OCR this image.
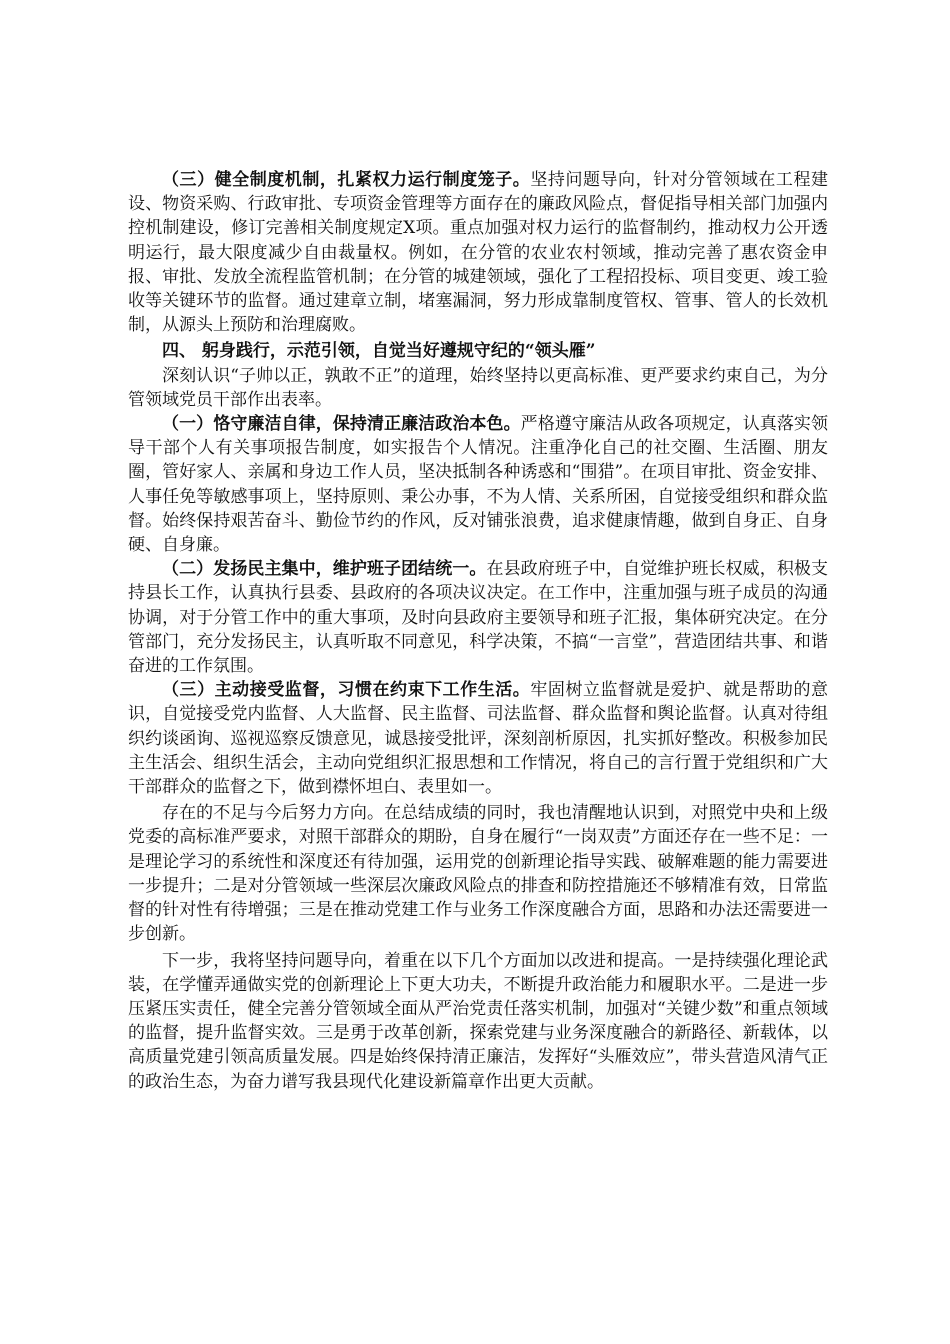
（三）健全制度机制，扎紧权力运行制度笼子。坚持问题导向，针对分管领域在工程建设、物资采购、行政审批、专项资金管理等方面存在的廉政风险点，督促指导相关部门加强内控机制建设，修订完善相关制度规定X项。重点加强对权力运行的监督制约，推动权力公开透明运行，最大限度减少自由裁量权。例如，在分管的农业农村领域，推动完善了惠农资金申报、审批、发放全流程监管机制；在分管的城建领域，强化了工程招投标、项目变更、竣工验收等关键环节的监督。通过建章立制，堵塞漏洞，努力形成靠制度管权、管事、管人的长效机制，从源头上预防和治理腐败。

四、 躬身践行，示范引领，自觉当好遵规守纪的“领头雁”

深刻认识“子帅以正，孰敢不正”的道理，始终坚持以更高标准、更严要求约束自己，为分管领域党员干部作出表率。

（一）恪守廉洁自律，保持清正廉洁政治本色。严格遵守廉洁从政各项规定，认真落实领导干部个人有关事项报告制度，如实报告个人情况。注重净化自己的社交圈、生活圈、朋友圈，管好家人、亲属和身边工作人员，坚决抵制各种诱惑和“围猎”。在项目审批、资金安排、人事任免等敏感事项上，坚持原则、秉公办事，不为人情、关系所困，自觉接受组织和群众监督。始终保持艰苦奋斗、勤俭节约的作风，反对铺张浪费，追求健康情趣，做到自身正、自身硬、自身廉。

（二）发扬民主集中，维护班子团结统一。在县政府班子中，自觉维护班长权威，积极支持县长工作，认真执行县委、县政府的各项决议决定。在工作中，注重加强与班子成员的沟通协调，对于分管工作中的重大事项，及时向县政府主要领导和班子汇报，集体研究决定。在分管部门，充分发扬民主，认真听取不同意见，科学决策，不搞“一言堂”，营造团结共事、和谐奋进的工作氛围。

（三）主动接受监督，习惯在约束下工作生活。牢固树立监督就是爱护、就是帮助的意识，自觉接受党内监督、人大监督、民主监督、司法监督、群众监督和舆论监督。认真对待组织约谈函询、巡视巡察反馈意见，诚恳接受批评，深刻剖析原因，扎实抓好整改。积极参加民主生活会、组织生活会，主动向党组织汇报思想和工作情况，将自己的言行置于党组织和广大干部群众的监督之下，做到襟怀坦白、表里如一。

存在的不足与今后努力方向。在总结成绩的同时，我也清醒地认识到，对照党中央和上级党委的高标准严要求，对照干部群众的期盼，自身在履行“一岗双责”方面还存在一些不足：一是理论学习的系统性和深度还有待加强，运用党的创新理论指导实践、破解难题的能力需要进一步提升；二是对分管领域一些深层次廉政风险点的排查和防控措施还不够精准有效，日常监督的针对性有待增强；三是在推动党建工作与业务工作深度融合方面，思路和办法还需要进一步创新。

下一步，我将坚持问题导向，着重在以下几个方面加以改进和提高。一是持续强化理论武装，在学懂弄通做实党的创新理论上下更大功夫，不断提升政治能力和履职水平。二是进一步压紧压实责任，健全完善分管领域全面从严治党责任落实机制，加强对“关键少数”和重点领域的监督，提升监督实效。三是勇于改革创新，探索党建与业务深度融合的新路径、新载体，以高质量党建引领高质量发展。四是始终保持清正廉洁，发挥好“头雁效应”，带头营造风清气正的政治生态，为奋力谱写我县现代化建设新篇章作出更大贡献。
